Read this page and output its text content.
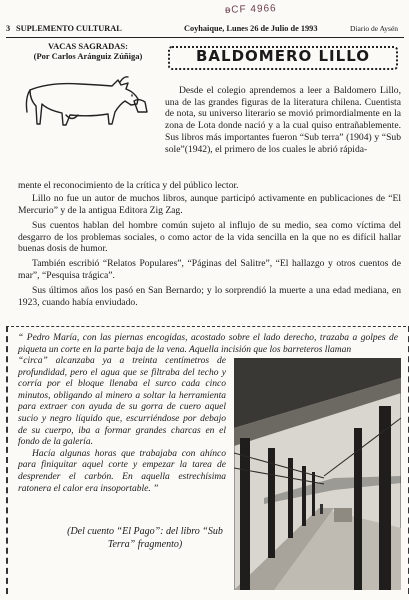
ᴃCF 4966
3 SUPLEMENTO CULTURAL	Coyhaique, Lunes 26 de Julio de 1993	Diario de Aysén
VACAS SAGRADAS:
(Por Carlos Aránguiz Zúñiga)	BALDOMERO LILLO
Desde el colegio aprendemos a leer a Baldomero Lillo, una de las grandes figuras de la literatura chilena. Cuentista de nota, su universo literario se movió primordialmente en la zona de Lota donde nació y a la cual quiso entrañablemente. Sus libros más importantes fueron “Sub terra” (1904) y “Sub sole”(1942), el primero de los cuales le abrió rápida-
mente el reconocimiento de la crítica y del público lector.
Lillo no fue un autor de muchos libros, aunque participó activamente en publicaciones de “El Mercurio” y de la antigua Editora Zig Zag.
Sus cuentos hablan del hombre común sujeto al influjo de su medio, sea como víctima del desgarro de los problemas sociales, o como actor de la vida sencilla en la que no es difícil hallar buenas dosis de humor.
También escribió “Relatos Populares”, “Páginas del Salitre”, “El hallazgo y otros cuentos de mar”, “Pesquisa trágica”.
Sus últimos años los pasó en San Bernardo; y lo sorprendió la muerte a una edad mediana, en 1923, cuando había enviudado.
“ Pedro María, con las piernas encogidas, acostado sobre el lado derecho, trazaba a golpes de piqueta un corte en la parte baja de la vena. Aquella incisión que los barreteros llaman

“circa” alcanzaba ya a treinta centímetros de profundidad, pero el agua que se filtraba del techo y corría por el bloque llenaba el surco cada cinco minutos, obligando al minero a soltar la herramienta para extraer con ayuda de su gorra de cuero aquel sucio y negro líquido que, escurriéndose por debajo de su cuerpo, iba a formar grandes charcas en el fondo de la galería.

Hacía algunas horas que trabajaba con ahínco para finiquitar aquel corte y empezar la tarea de desprender el carbón. En aquella estrechísima ratonera el calor era insoportable. ”

(Del cuento “El Pago”: del libro “Sub Terra” fragmento)
